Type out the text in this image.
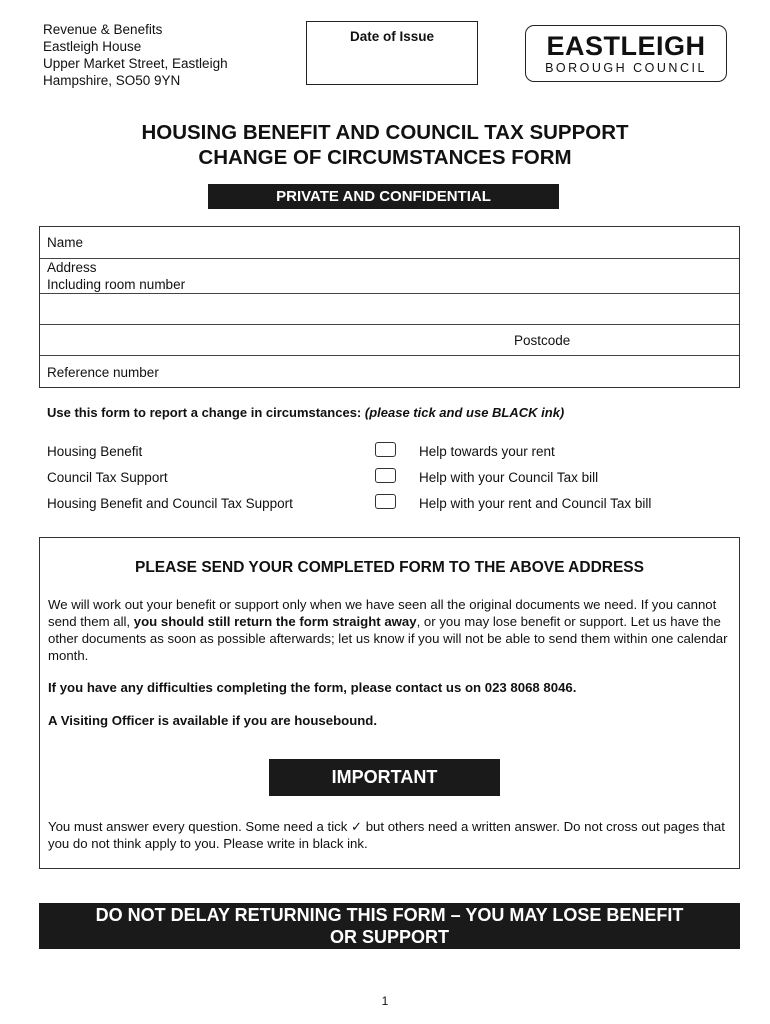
Revenue & Benefits
Eastleigh House
Upper Market Street, Eastleigh
Hampshire, SO50 9YN
Date of Issue	EASTLEIGH
BOROUGH COUNCIL
HOUSING BENEFIT AND COUNCIL TAX SUPPORT
CHANGE OF CIRCUMSTANCES FORM
PRIVATE AND CONFIDENTIAL
Name
Address
Including room number
Postcode
Reference number
Use this form to report a change in circumstances: (please tick and use BLACK ink)
Housing Benefit	Help towards your rent
Council Tax Support	Help with your Council Tax bill
Housing Benefit and Council Tax Support	Help with your rent and Council Tax bill
PLEASE SEND YOUR COMPLETED FORM TO THE ABOVE ADDRESS
We will work out your benefit or support only when we have seen all the original documents we need. If you cannot send them all, you should still return the form straight away, or you may lose benefit or support. Let us have the other documents as soon as possible afterwards; let us know if you will not be able to send them within one calendar month.
If you have any difficulties completing the form, please contact us on 023 8068 8046.
A Visiting Officer is available if you are housebound.
IMPORTANT
You must answer every question. Some need a tick ✓ but others need a written answer. Do not cross out pages that you do not think apply to you. Please write in black ink.
DO NOT DELAY RETURNING THIS FORM – YOU MAY LOSE BENEFIT
OR SUPPORT
1
